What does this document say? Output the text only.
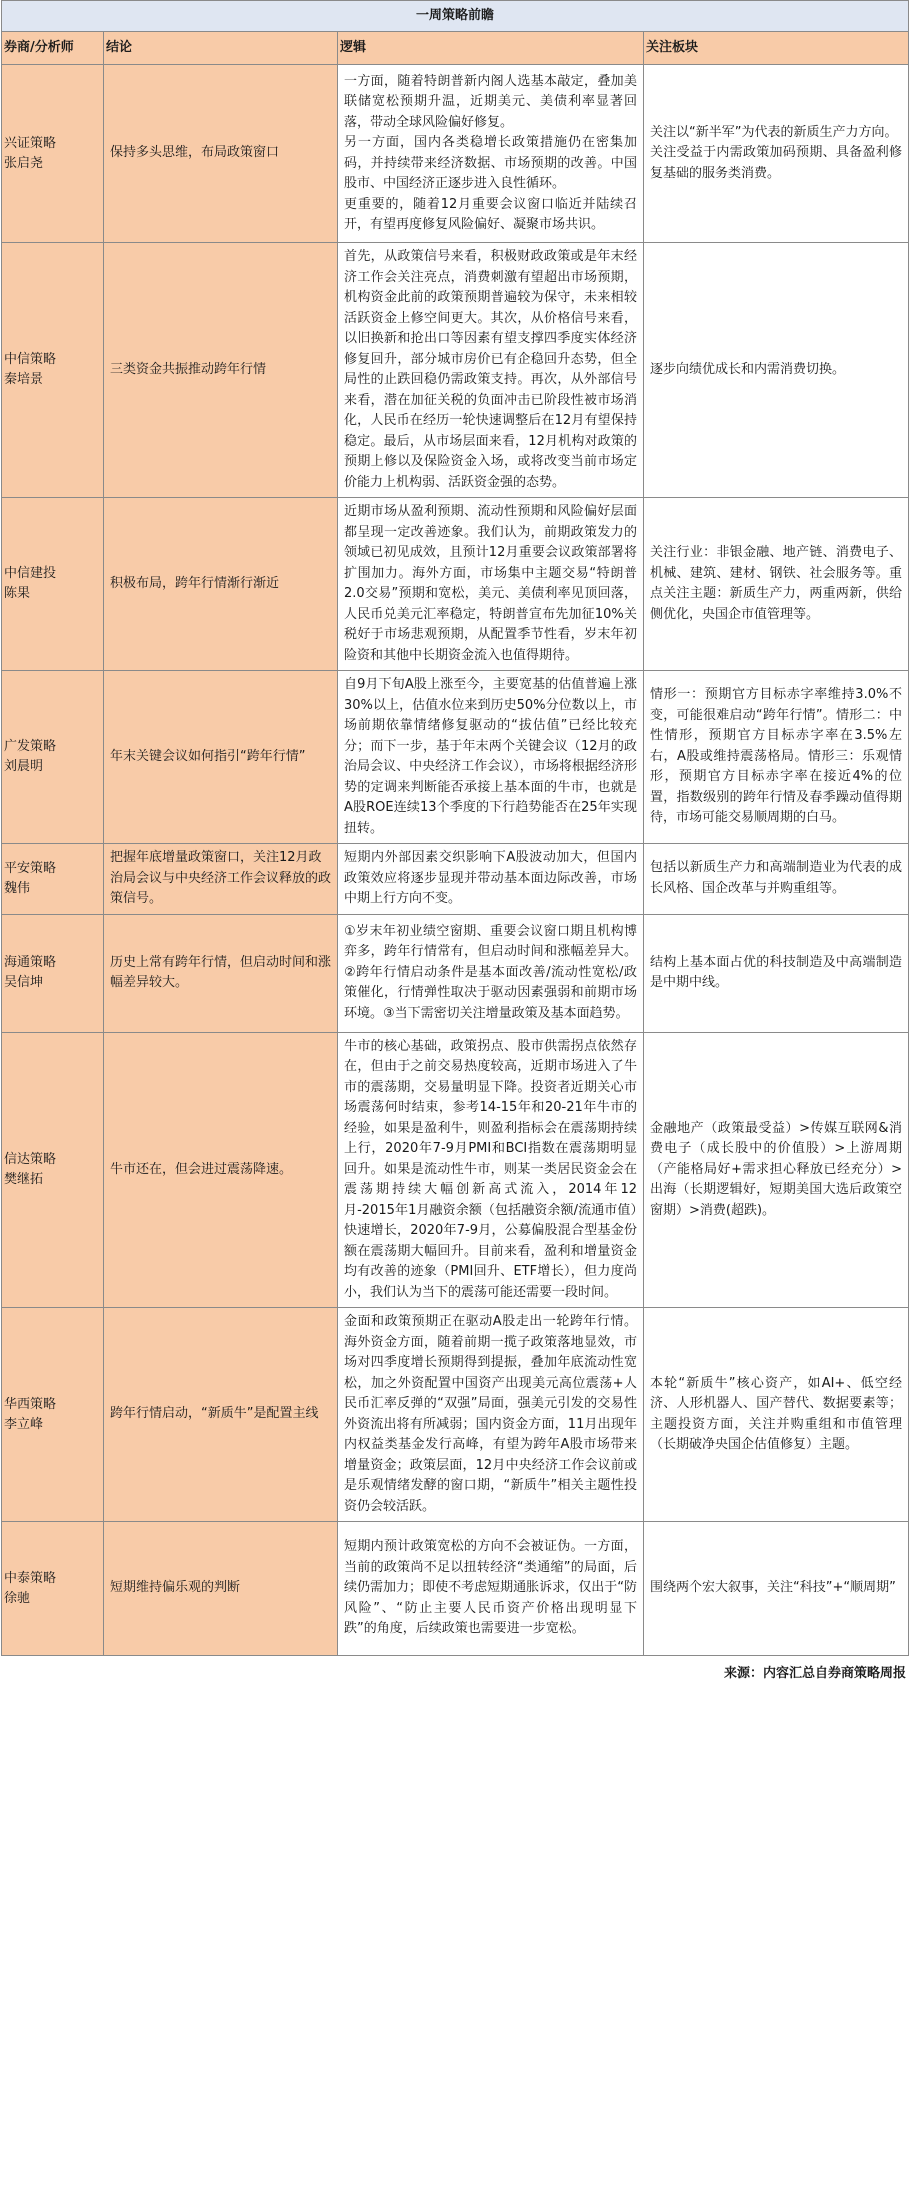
一周策略前瞻			
券商/分析师	结论	逻辑	关注板块

兴证策略
张启尧	保持多头思维，布局政策窗口	一方面，随着特朗普新内阁人选基本敲定，叠加美联储宽松预期升温，近期美元、美债利率显著回落，带动全球风险偏好修复。
另一方面，国内各类稳增长政策措施仍在密集加码，并持续带来经济数据、市场预期的改善。中国股市、中国经济正逐步进入良性循环。
更重要的，随着12月重要会议窗口临近并陆续召开，有望再度修复风险偏好、凝聚市场共识。	关注以“新半军”为代表的新质生产力方向。
关注受益于内需政策加码预期、具备盈利修复基础的服务类消费。

中信策略
秦培景	三类资金共振推动跨年行情	首先，从政策信号来看，积极财政政策或是年末经济工作会关注亮点，消费刺激有望超出市场预期，机构资金此前的政策预期普遍较为保守，未来相较活跃资金上修空间更大。其次，从价格信号来看，以旧换新和抢出口等因素有望支撑四季度实体经济修复回升，部分城市房价已有企稳回升态势，但全局性的止跌回稳仍需政策支持。再次，从外部信号来看，潜在加征关税的负面冲击已阶段性被市场消化，人民币在经历一轮快速调整后在12月有望保持稳定。最后，从市场层面来看，12月机构对政策的预期上修以及保险资金入场，或将改变当前市场定价能力上机构弱、活跃资金强的态势。	逐步向绩优成长和内需消费切换。

中信建投
陈果	积极布局，跨年行情渐行渐近	近期市场从盈利预期、流动性预期和风险偏好层面都呈现一定改善迹象。我们认为，前期政策发力的领域已初见成效，且预计12月重要会议政策部署将扩围加力。海外方面，市场集中主题交易“特朗普2.0交易”预期和宽松，美元、美债利率见顶回落，人民币兑美元汇率稳定，特朗普宣布先加征10%关税好于市场悲观预期，从配置季节性看，岁末年初险资和其他中长期资金流入也值得期待。	关注行业：非银金融、地产链、消费电子、机械、建筑、建材、钢铁、社会服务等。重点关注主题：新质生产力，两重两新，供给侧优化，央国企市值管理等。

广发策略
刘晨明	年末关键会议如何指引“跨年行情”	自9月下旬A股上涨至今，主要宽基的估值普遍上涨30%以上，估值水位来到历史50%分位数以上，市场前期依靠情绪修复驱动的“拔估值”已经比较充分；而下一步，基于年末两个关键会议（12月的政治局会议、中央经济工作会议），市场将根据经济形势的定调来判断能否承接上基本面的牛市，也就是A股ROE连续13个季度的下行趋势能否在25年实现扭转。	情形一：预期官方目标赤字率维持3.0%不变，可能很难启动“跨年行情”。情形二：中性情形，预期官方目标赤字率在3.5%左右，A股或维持震荡格局。情形三：乐观情形，预期官方目标赤字率在接近4%的位置，指数级别的跨年行情及春季躁动值得期待，市场可能交易顺周期的白马。

平安策略
魏伟	把握年底增量政策窗口，关注12月政治局会议与中央经济工作会议释放的政策信号。	短期内外部因素交织影响下A股波动加大，但国内政策效应将逐步显现并带动基本面边际改善，市场中期上行方向不变。	包括以新质生产力和高端制造业为代表的成长风格、国企改革与并购重组等。

海通策略
吴信坤	历史上常有跨年行情，但启动时间和涨幅差异较大。	①岁末年初业绩空窗期、重要会议窗口期且机构博弈多，跨年行情常有，但启动时间和涨幅差异大。②跨年行情启动条件是基本面改善/流动性宽松/政策催化，行情弹性取决于驱动因素强弱和前期市场环境。③当下需密切关注增量政策及基本面趋势。	结构上基本面占优的科技制造及中高端制造是中期中线。

信达策略
樊继拓	牛市还在，但会进过震荡降速。	牛市的核心基础，政策拐点、股市供需拐点依然存在，但由于之前交易热度较高，近期市场进入了牛市的震荡期，交易量明显下降。投资者近期关心市场震荡何时结束，参考14-15年和20-21年牛市的经验，如果是盈利牛，则盈利指标会在震荡期持续上行，2020年7-9月PMI和BCI指数在震荡期明显回升。如果是流动性牛市，则某一类居民资金会在震荡期持续大幅创新高式流入，2014年12月-2015年1月融资余额（包括融资余额/流通市值）快速增长，2020年7-9月，公募偏股混合型基金份额在震荡期大幅回升。目前来看，盈利和增量资金均有改善的迹象（PMI回升、ETF增长），但力度尚小，我们认为当下的震荡可能还需要一段时间。	金融地产（政策最受益）>传媒互联网&消费电子（成长股中的价值股）>上游周期（产能格局好+需求担心释放已经充分）>出海（长期逻辑好，短期美国大选后政策空窗期）>消费(超跌)。

华西策略
李立峰	跨年行情启动，“新质牛”是配置主线	金面和政策预期正在驱动A股走出一轮跨年行情。海外资金方面，随着前期一揽子政策落地显效，市场对四季度增长预期得到提振，叠加年底流动性宽松，加之外资配置中国资产出现美元高位震荡+人民币汇率反弹的“双强”局面，强美元引发的交易性外资流出将有所减弱；国内资金方面，11月出现年内权益类基金发行高峰，有望为跨年A股市场带来增量资金；政策层面，12月中央经济工作会议前或是乐观情绪发酵的窗口期，“新质牛”相关主题性投资仍会较活跃。	本轮“新质牛”核心资产，如AI+、低空经济、人形机器人、国产替代、数据要素等；主题投资方面，关注并购重组和市值管理（长期破净央国企估值修复）主题。

中泰策略
徐驰	短期维持偏乐观的判断	短期内预计政策宽松的方向不会被证伪。一方面，当前的政策尚不足以扭转经济“类通缩”的局面，后续仍需加力；即使不考虑短期通胀诉求，仅出于“防风险”、“防止主要人民币资产价格出现明显下跌”的角度，后续政策也需要进一步宽松。	围绕两个宏大叙事，关注“科技”+“顺周期”
来源：内容汇总自券商策略周报
